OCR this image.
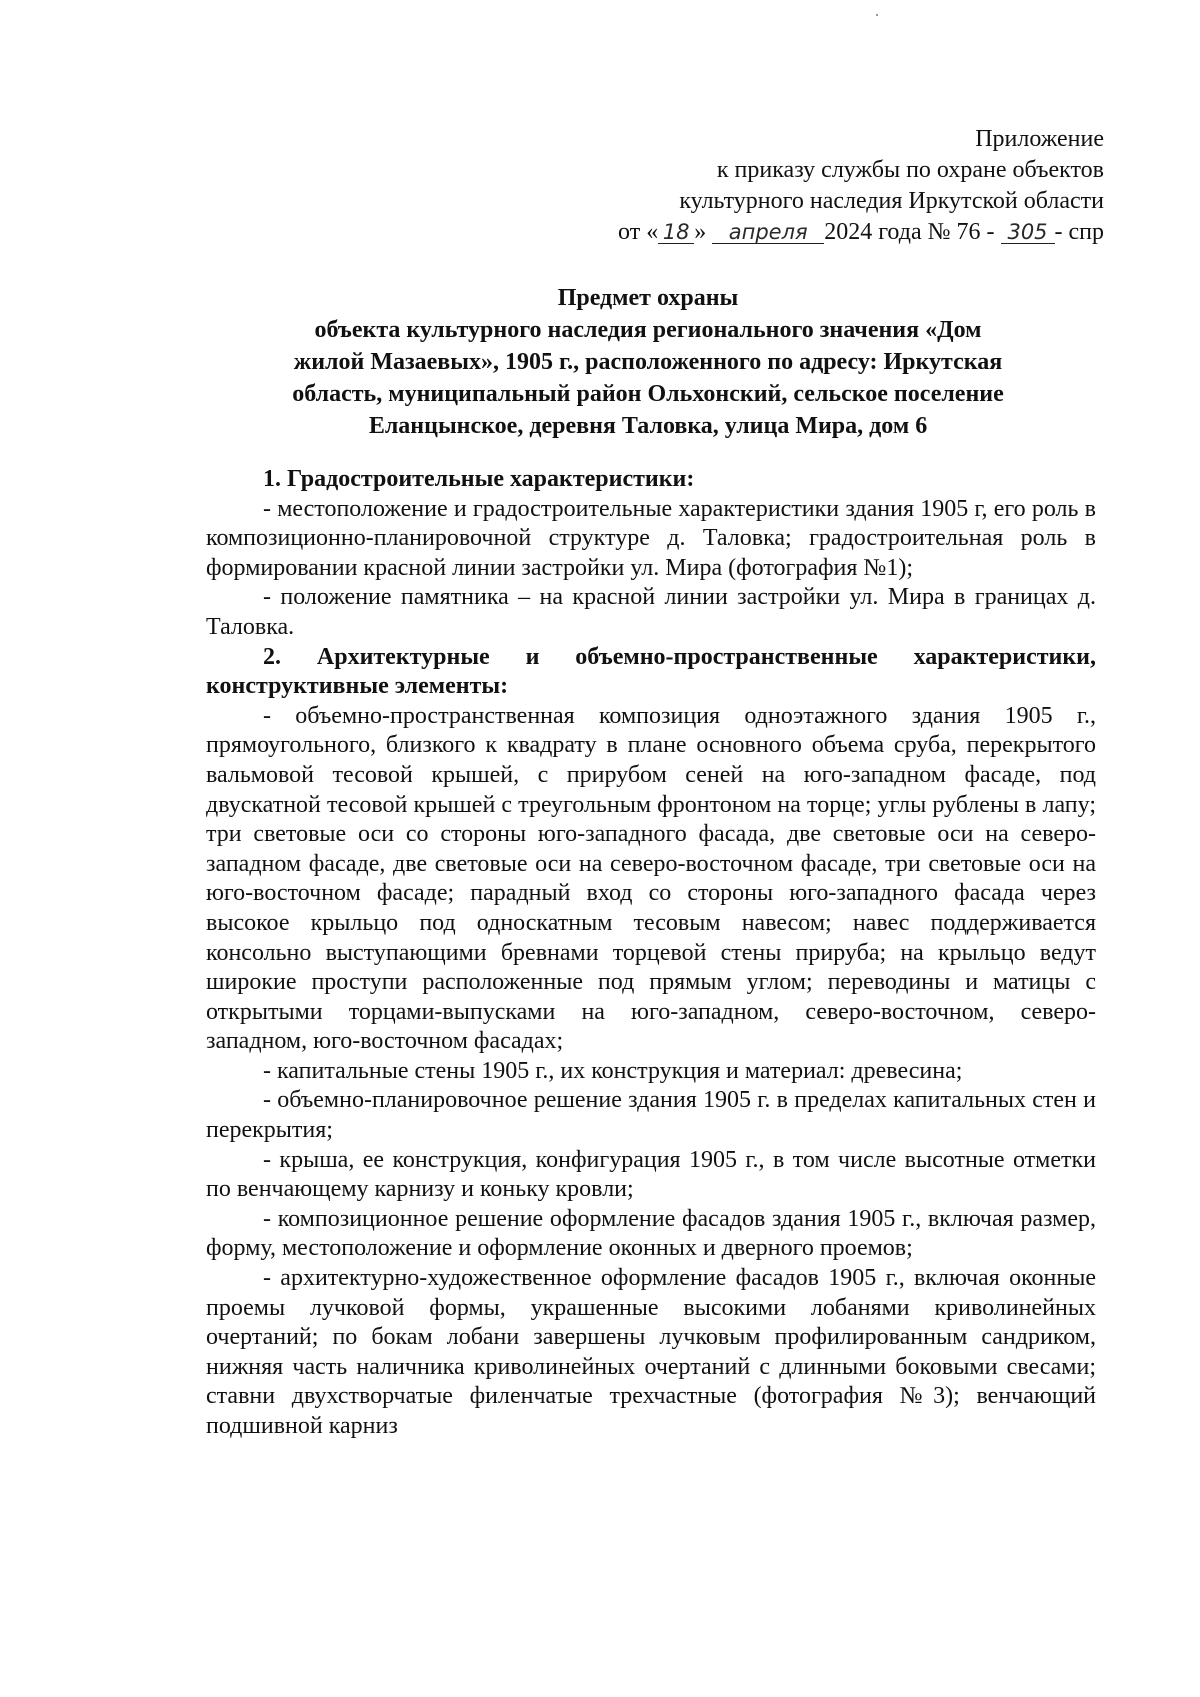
Приложение
к приказу службы по охране объектов
культурного наследия Иркутской области
от « 18 » апреля 2024 года № 76 - 305 - спр
Предмет охраны
объекта культурного наследия регионального значения «Дом
жилой Мазаевых», 1905 г., расположенного по адресу: Иркутская
область, муниципальный район Ольхонский, сельское поселение
Еланцынское, деревня Таловка, улица Мира, дом 6

1. Градостроительные характеристики:

- местоположение и градостроительные характеристики здания 1905 г, его роль в композиционно-планировочной структуре д. Таловка; градостроительная роль в формировании красной линии застройки ул. Мира (фотография №1);

- положение памятника – на красной линии застройки ул. Мира в границах д. Таловка.

2. Архитектурные и объемно-пространственные характеристики, конструктивные элементы:

- объемно-пространственная композиция одноэтажного здания 1905 г., прямоугольного, близкого к квадрату в плане основного объема сруба, перекрытого вальмовой тесовой крышей, с прирубом сеней на юго-западном фасаде, под двускатной тесовой крышей с треугольным фронтоном на торце; углы рублены в лапу; три световые оси со стороны юго-западного фасада, две световые оси на северо-западном фасаде, две световые оси на северо-восточном фасаде, три световые оси на юго-восточном фасаде; парадный вход со стороны юго-западного фасада через высокое крыльцо под односкатным тесовым навесом; навес поддерживается консольно выступающими бревнами торцевой стены прируба; на крыльцо ведут широкие проступи расположенные под прямым углом; переводины и матицы с открытыми торцами-выпусками на юго-западном, северо-восточном, северо-западном, юго-восточном фасадах;

- капитальные стены 1905 г., их конструкция и материал: древесина;

- объемно-планировочное решение здания 1905 г. в пределах капитальных стен и перекрытия;

- крыша, ее конструкция, конфигурация 1905 г., в том числе высотные отметки по венчающему карнизу и коньку кровли;

- композиционное решение оформление фасадов здания 1905 г., включая размер, форму, местоположение и оформление оконных и дверного проемов;

- архитектурно-художественное оформление фасадов 1905 г., включая оконные проемы лучковой формы, украшенные высокими лобанями криволинейных очертаний; по бокам лобани завершены лучковым профилированным сандриком, нижняя часть наличника криволинейных очертаний с длинными боковыми свесами; ставни двухстворчатые филенчатые трехчастные (фотография №3); венчающий подшивной карниз
